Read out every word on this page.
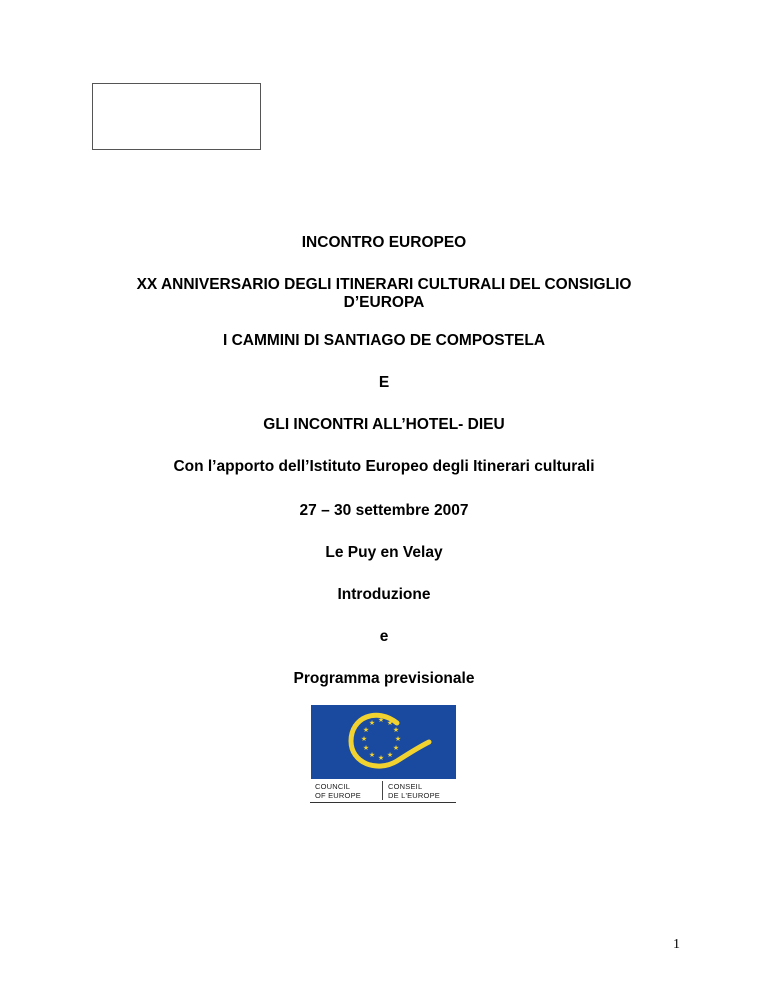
INCONTRO EUROPEO
XX ANNIVERSARIO DEGLI ITINERARI CULTURALI DEL CONSIGLIO
D’EUROPA
I CAMMINI DI SANTIAGO DE COMPOSTELA
E
GLI INCONTRI ALL’HOTEL- DIEU
Con l’apporto dell’Istituto Europeo degli Itinerari culturali
27 – 30 settembre 2007
Le Puy en Velay
Introduzione
e
Programma previsionale
★ ★
★
★
★
★
★
★
★
★
★
★
COUNCIL
OF EUROPE
CONSEIL
DE L'EUROPE
1
